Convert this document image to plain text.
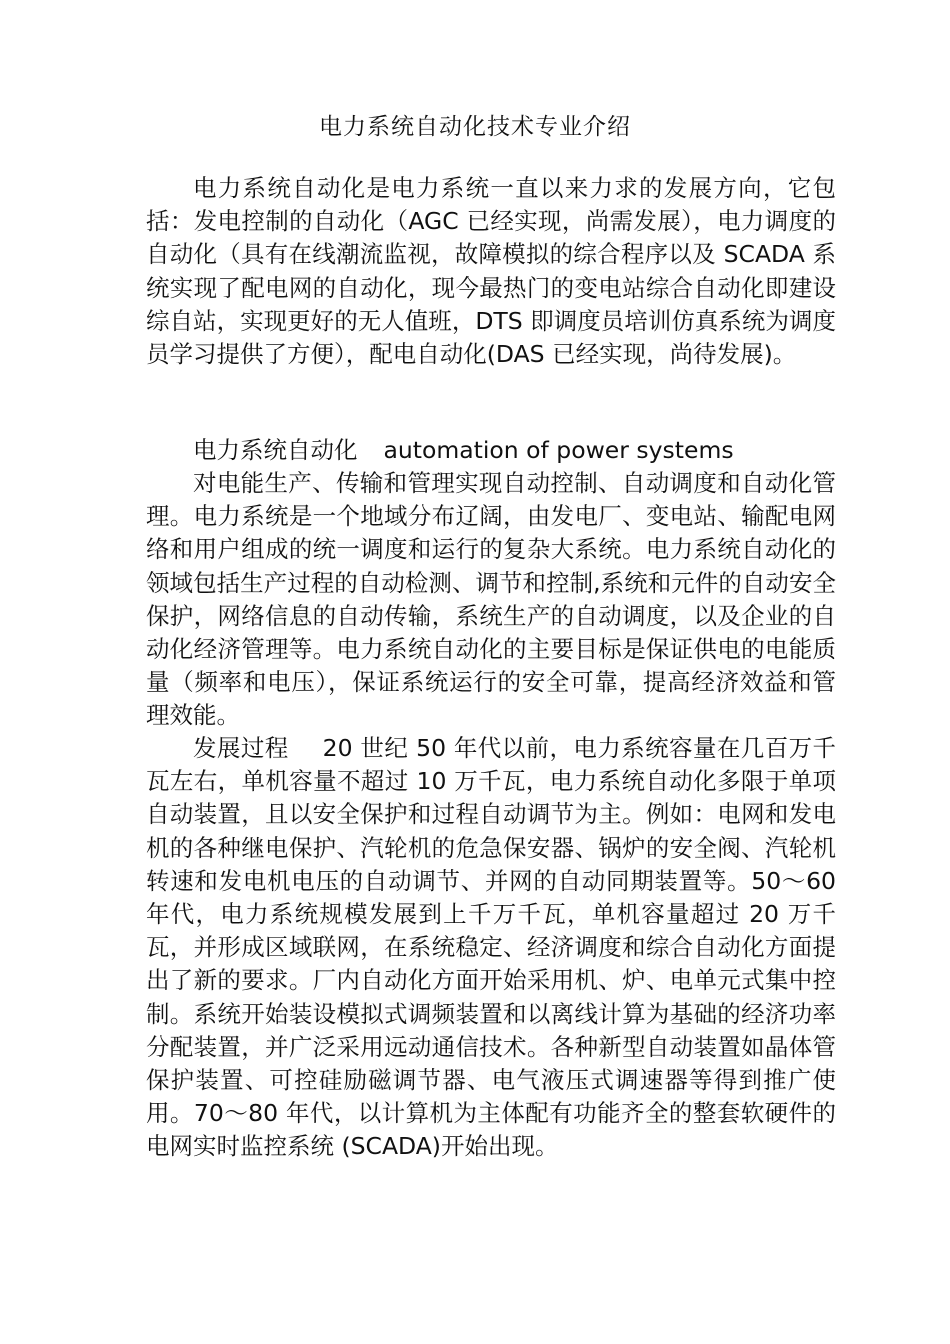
电力系统自动化技术专业介绍

电力系统自动化是电力系统一直以来力求的发展方向，它包括：发电控制的自动化（AGC 已经实现，尚需发展），电力调度的自动化（具有在线潮流监视，故障模拟的综合程序以及 SCADA 系统实现了配电网的自动化，现今最热门的变电站综合自动化即建设综自站，实现更好的无人值班，DTS 即调度员培训仿真系统为调度员学习提供了方便），配电自动化(DAS 已经实现，尚待发展)。

电力系统自动化 automation of power systems

对电能生产、传输和管理实现自动控制、自动调度和自动化管理。电力系统是一个地域分布辽阔，由发电厂、变电站、输配电网络和用户组成的统一调度和运行的复杂大系统。电力系统自动化的领域包括生产过程的自动检测、调节和控制,系统和元件的自动安全保护，网络信息的自动传输，系统生产的自动调度，以及企业的自动化经济管理等。电力系统自动化的主要目标是保证供电的电能质量（频率和电压），保证系统运行的安全可靠，提高经济效益和管理效能。

发展过程 20 世纪 50 年代以前，电力系统容量在几百万千瓦左右，单机容量不超过 10 万千瓦，电力系统自动化多限于单项自动装置，且以安全保护和过程自动调节为主。例如：电网和发电机的各种继电保护、汽轮机的危急保安器、锅炉的安全阀、汽轮机转速和发电机电压的自动调节、并网的自动同期装置等。50～60 年代，电力系统规模发展到上千万千瓦，单机容量超过 20 万千瓦，并形成区域联网，在系统稳定、经济调度和综合自动化方面提出了新的要求。厂内自动化方面开始采用机、炉、电单元式集中控制。系统开始装设模拟式调频装置和以离线计算为基础的经济功率分配装置，并广泛采用远动通信技术。各种新型自动装置如晶体管保护装置、可控硅励磁调节器、电气液压式调速器等得到推广使用。70～80 年代，以计算机为主体配有功能齐全的整套软硬件的电网实时监控系统 (SCADA)开始出现。
